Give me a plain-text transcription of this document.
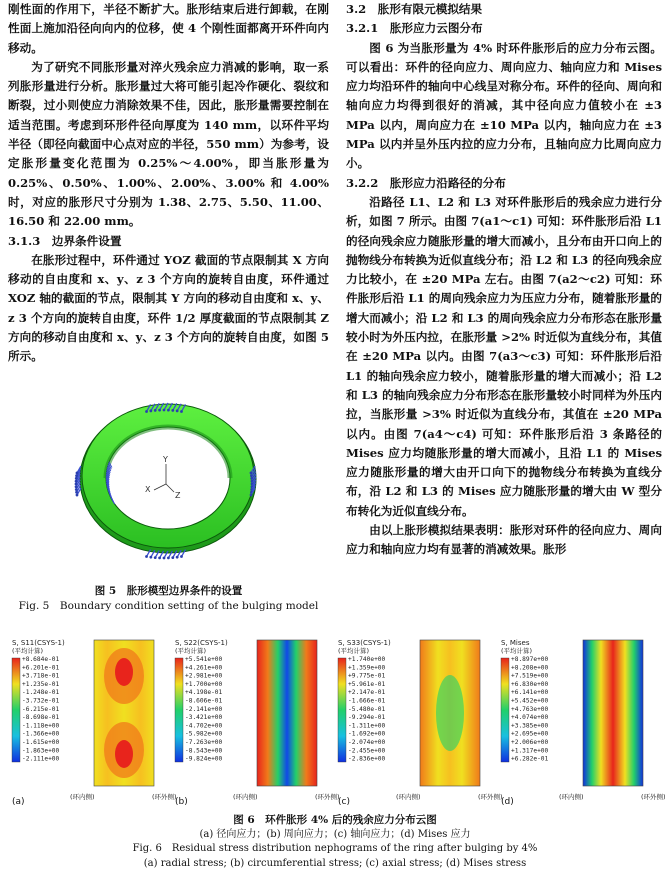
刚性面的作用下，半径不断扩大。胀形结束后进行卸载，在刚性面上施加沿径向向内的位移，使 4 个刚性面都离开环件向内移动。

为了研究不同胀形量对淬火残余应力消减的影响，取一系列胀形量进行分析。胀形量过大将可能引起冷作硬化、裂纹和断裂，过小则使应力消除效果不佳，因此，胀形量需要控制在适当范围。考虑到环形件径向厚度为 140 mm，以环件平均半径（即径向截面中心点对应的半径，550 mm）为参考，设定胀形量变化范围为 0.25%～4.00%，即当胀形量为 0.25%、0.50%、1.00%、2.00%、3.00% 和 4.00% 时，对应的胀形尺寸分别为 1.38、2.75、5.50、11.00、16.50 和 22.00 mm。

3.1.3　边界条件设置

在胀形过程中，环件通过 YOZ 截面的节点限制其 X 方向移动的自由度和 x、y、z 3 个方向的旋转自由度，环件通过 XOZ 轴的截面的节点，限制其 Y 方向的移动自由度和 x、y、z 3 个方向的旋转自由度，环件 1/2 厚度截面的节点限制其 Z 方向的移动自由度和 x、y、z 3 个方向的旋转自由度，如图 5 所示。

Y
X
Z
图 5　胀形模型边界条件的设置
Fig. 5　Boundary condition setting of the bulging model

3.2　胀形有限元模拟结果

3.2.1　胀形应力云图分布

图 6 为当胀形量为 4% 时环件胀形后的应力分布云图。可以看出：环件的径向应力、周向应力、轴向应力和 Mises 应力均沿环件的轴向中心线呈对称分布。环件的径向、周向和轴向应力均得到很好的消减，其中径向应力值较小在 ±3 MPa 以内，周向应力在 ±10 MPa 以内，轴向应力在 ±3 MPa 以内并呈外压内拉的应力分布，且轴向应力比周向应力小。

3.2.2　胀形应力沿路径的分布

沿路径 L1、L2 和 L3 对环件胀形后的残余应力进行分析，如图 7 所示。由图 7(a1～c1) 可知：环件胀形后沿 L1 的径向残余应力随胀形量的增大而减小，且分布由开口向上的抛物线分布转换为近似直线分布；沿 L2 和 L3 的径向残余应力比较小，在 ±20 MPa 左右。由图 7(a2～c2) 可知：环件胀形后沿 L1 的周向残余应力为压应力分布，随着胀形量的增大而减小；沿 L2 和 L3 的周向残余应力分布形态在胀形量较小时为外压内拉，在胀形量 >2% 时近似为直线分布，其值在 ±20 MPa 以内。由图 7(a3～c3) 可知：环件胀形后沿 L1 的轴向残余应力较小，随着胀形量的增大而减小；沿 L2 和 L3 的轴向残余应力分布形态在胀形量较小时同样为外压内拉，当胀形量 >3% 时近似为直线分布，其值在 ±20 MPa 以内。由图 7(a4～c4) 可知：环件胀形后沿 3 条路径的 Mises 应力均随胀形量的增大而减小，且沿 L1 的 Mises 应力随胀形量的增大由开口向下的抛物线分布转换为直线分布，沿 L2 和 L3 的 Mises 应力随胀形量的增大由 W 型分布转化为近似直线分布。

由以上胀形模拟结果表明：胀形对环件的径向应力、周向应力和轴向应力均有显著的消减效果。胀形

S, S11(CSYS-1)
(平均计算)
+8.684e-01
+6.201e-01
+3.718e-01
+1.235e-01
-1.248e-01
-3.732e-01
-6.215e-01
-8.698e-01
-1.118e+00
-1.366e+00
-1.615e+00
-1.863e+00
-2.111e+00
(a)	(环内侧)	(环外侧)
S, S22(CSYS-1)
(平均计算)
+5.541e+00
+4.261e+00
+2.981e+00
+1.700e+00
+4.198e-01
-8.606e-01
-2.141e+00
-3.421e+00
-4.702e+00
-5.982e+00
-7.263e+00
-8.543e+00
-9.824e+00
(b)	(环内侧)	(环外侧)
S, S33(CSYS-1)
(平均计算)
+1.740e+00
+1.359e+00
+9.775e-01
+5.961e-01
+2.147e-01
-1.666e-01
-5.480e-01
-9.294e-01
-1.311e+00
-1.692e+00
-2.074e+00
-2.455e+00
-2.836e+00
(c)	(环内侧)	(环外侧)
S, Mises
(平均计算)
+8.897e+00
+8.208e+00
+7.519e+00
+6.830e+00
+6.141e+00
+5.452e+00
+4.763e+00
+4.074e+00
+3.385e+00
+2.695e+00
+2.006e+00
+1.317e+00
+6.282e-01
(d)	(环内侧)	(环外侧)
图 6　环件胀形 4% 后的残余应力分布云图
(a) 径向应力；(b) 周向应力；(c) 轴向应力；(d) Mises 应力
Fig. 6　Residual stress distribution nephograms of the ring after bulging by 4%
(a) radial stress; (b) circumferential stress; (c) axial stress; (d) Mises stress
